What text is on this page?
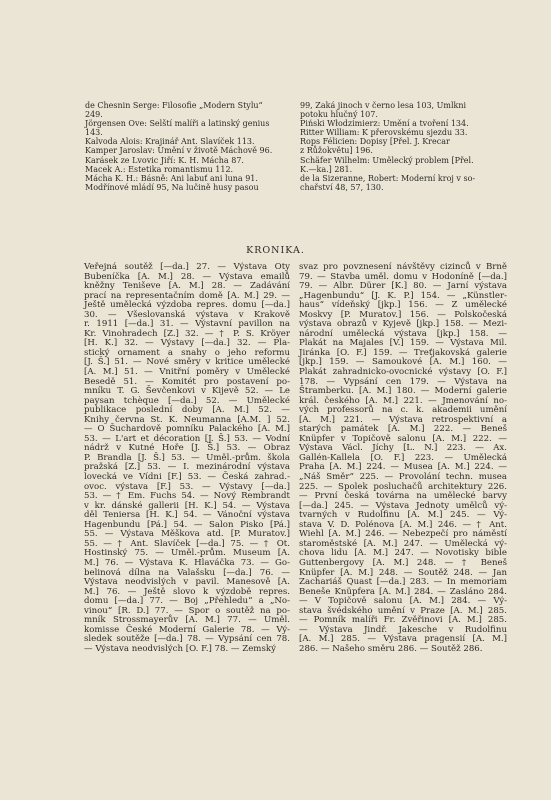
de Chesnin Serge: Filosofie „Modern Stylu“
249.
Jörgensen Ove: Selští malíři a latinský genius
143.
Kalvoda Alois: Krajinář Ant. Slavíček 113.
Kamper Jaroslav: Umění v životě Máchově 96.
Karásek ze Lvovic Jiří: K. H. Mácha 87.
Macek A.: Estetika romantismu 112.
Mácha K. H.: Básně: Ani labuť ani luna 91.
Modřínové mládí 95, Na lučině husy pasou
99, Zaká jinoch v černo lesa 103, Umlkni
potoku hlučný 107.
Piński Włodzimierz: Umění a tvoření 134.
Ritter William: K přerovskému sjezdu 33.
Rops Félicien: Dopisy [Přel. J. Krecar
z Růžokvětu] 196.
Schäfer Wilhelm: Umělecký problem [Přel.
K.—ka.] 281.
de la Sizeranne, Robert: Moderní kroj v so-
chařství 48, 57, 130.
KRONIKA.
Veřejná soutěž [—da.] 27. — Výstava Oty
Bubeníčka [A. M.] 28. — Výstava emailů
kněžny Teniševe [A. M.] 28. — Zadávání
prací na representačním domě [A. M.] 29. —
Ještě umělecká výzdoba repres. domu [—da.]
30. — Všeslovanská výstava v Krakově
r. 1911 [—da.] 31. — Výstavní pavillon na
Kr. Vinohradech [Z.] 32. — † P. S. Kröyer
[H. K.] 32. — Výstavy [—da.] 32. — Pla-
stický ornament a snahy o jeho reformu
[J. Š.] 51. — Nové směry v kritice umělecké
[A. M.] 51. — Vnitřní poměry v Umělecké
Besedě 51. — Komitét pro postavení po-
mníku T. G. Ševčenkovi v Kijevě 52. — Le
paysan tchèque [—da.] 52. — Umělecké
publikace poslední doby [A. M.] 52. —
Knihy červnа St. K. Neumanna [A.M. ] 52.
— O Šuchardově pomníku Palackého [A. M.]
53. — L'art et décoration [J. Š.] 53. — Vodní
nádrž v Kutné Hoře [J. Š.] 53. — Obraz
P. Brandla [J. Š.] 53. — Uměl.-prům. škola
pražská [Z.] 53. — I. mezinárodní výstava
lovecká ve Vídni [F.] 53. — Česká zahrad.-
ovoc. výstava [F.] 53. — Výstavy [—da.]
53. — † Em. Fuchs 54. — Nový Rembrandt
v kr. dánské gallerii [H. K.] 54. — Výstava
děl Teniersa [H. K.] 54. — Vánoční výstava
Hagenbundu [Pá.] 54. — Salon Pisko [Pá.]
55. — Výstava Měškova atd. [P. Muratov.]
55. — † Ant. Slavíček [—da.] 75. — † Ot.
Hostinský 75. — Uměl.-prům. Museum [A.
M.] 76. — Výstava K. Hlaváčka 73. — Go-
belinová dílna na Valašsku [—da.] 76. —
Výstava neodvislých v pavil. Manesově [A.
M.] 76. — Ještě slovo k výzdobě repres.
domu [—da.] 77. — Boj „Přehledu“ a „No-
vinou“ [R. D.] 77. — Spor o soutěž na po-
mník Strossmayerův [A. M.] 77. — Uměl.
komisse České Moderní Galerie 78. — Vý-
sledek soutěže [—da.] 78. — Vypsání cen 78.
— Výstava neodvislých [O. F.] 78. — Zemský
svaz pro povznesení návštěvy cizinců v Brně
79. — Stavba uměl. domu v Hodoníně [—da.]
79. — Albr. Dürer [K.] 80. — Jarní výstava
„Hagenbundu“ [J. K. P.] 154. — „Künstler-
haus“ vídeňský [jkp.] 156. — Z umělecké
Moskvy [P. Muratov.] 156. — Polskočeská
výstava obrazů v Kyjevě [jkp.] 158. — Mezi-
národní umělecká výstava [jkp.] 158. —
Plakát na Majales [V.] 159. — Výstava Mil.
Jiránka [O. F.] 159. — Treťjakovská galerie
[jkp.] 159. — Samoukové [A. M.] 160. —
Plakát zahradnicko-ovocnické výstavy [O. F.]
178. — Vypsání cen 179. — Výstava na
Štramberku. [A. M.] 180. — Moderní galerie
král. českého [A. M.] 221. — Jmenování no-
vých professorů na c. k. akademii umění
[A. M.] 221. — Výstava retrospektivní a
starých památek [A. M.] 222. — Beneš
Knüpfer v Topičově salonu [A. M.] 222. —
Výstava Václ. Jíchy [L. N.] 223. — Ax.
Gallén-Kallela [O. F.] 223. — Umělecká
Praha [A. M.] 224. — Musea [A. M.] 224. —
„Náš Směr“ 225. — Provolání techn. musea
225. — Spolek posluchačů architektury 226.
— První česká továrna na umělecké barvy
[—da.] 245. — Výstava Jednoty umělců vý-
tvarných v Rudolfinu [A. M.] 245. — Vý-
stava V. D. Polénova [A. M.] 246. — † Ant.
Wiehl [A. M.] 246. — Nebezpečí pro náměstí
staroměstské [A. M.] 247. — Umělecká vý-
chova lidu [A. M.] 247. — Novotisky bible
Guttenbergovy [A. M.] 248. — † Beneš
Knüpfer [A. M.] 248. — Soutěž 248. — Jan
Zachariáš Quast [—da.] 283. — In memoriam
Beneše Knüpfera [A. M.] 284. — Zasláno 284.
— V Topičově salonu [A. M.] 284. — Vý-
stava švédského umění v Praze [A. M.] 285.
— Pomník malíři Fr. Zvěřinovi [A. M.] 285.
— Výstava Jindř. Jakesche v Rudolfinu
[A. M.] 285. — Výstava pragensií [A. M.]
286. — Našeho směru 286. — Soutěž 286.
